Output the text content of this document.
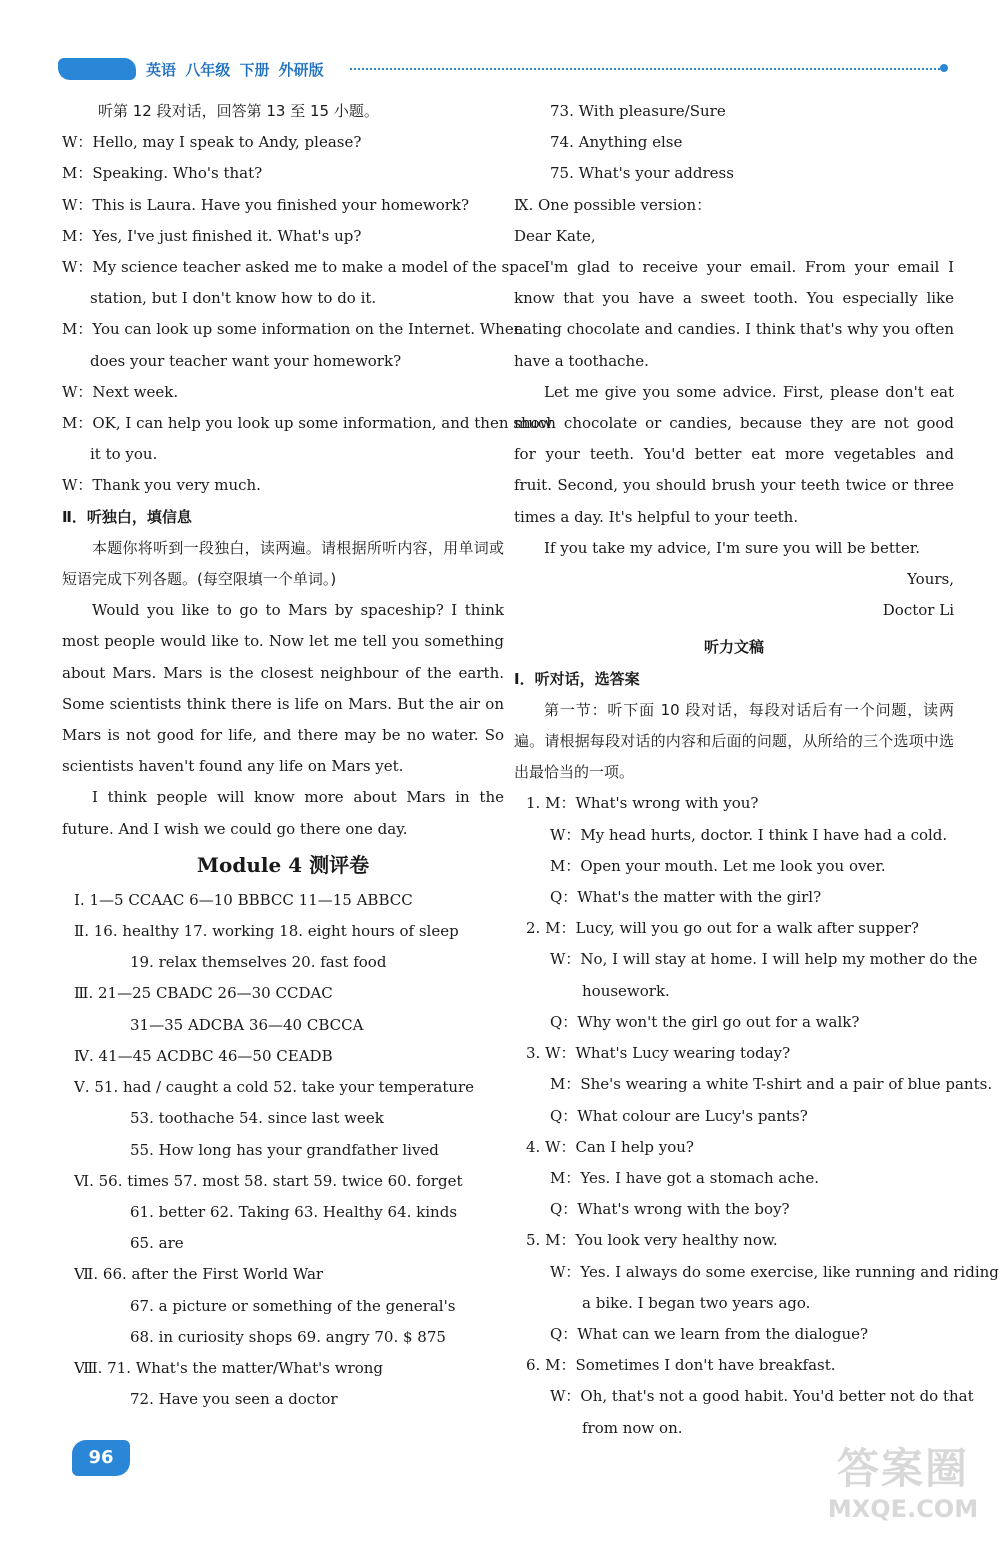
英语 八年级 下册 外研版
听第 12 段对话，回答第 13 至 15 小题。
W：Hello, may I speak to Andy, please?
M：Speaking. Who's that?
W：This is Laura. Have you finished your homework?
M：Yes, I've just finished it. What's up?
W：My science teacher asked me to make a model of the space
station, but I don't know how to do it.
M：You can look up some information on the Internet. When
does your teacher want your homework?
W：Next week.
M：OK, I can help you look up some information, and then show
it to you.
W：Thank you very much.
Ⅱ．听独白，填信息
本题你将听到一段独白，读两遍。请根据所听内容，用单词或短语完成下列各题。(每空限填一个单词。)
Would you like to go to Mars by spaceship? I think most people would like to. Now let me tell you something about Mars. Mars is the closest neighbour of the earth. Some scientists think there is life on Mars. But the air on Mars is not good for life, and there may be no water. So scientists haven't found any life on Mars yet.
I think people will know more about Mars in the future. And I wish we could go there one day.
Module 4 测评卷
Ⅰ. 1—5 CCAAC 6—10 BBBCC 11—15 ABBCC
Ⅱ. 16. healthy 17. working 18. eight hours of sleep
19. relax themselves 20. fast food
Ⅲ. 21—25 CBADC 26—30 CCDAC
31—35 ADCBA 36—40 CBCCA
Ⅳ. 41—45 ACDBC 46—50 CEADB
Ⅴ. 51. had / caught a cold 52. take your temperature
53. toothache 54. since last week
55. How long has your grandfather lived
Ⅵ. 56. times 57. most 58. start 59. twice 60. forget
61. better 62. Taking 63. Healthy 64. kinds
65. are
Ⅶ. 66. after the First World War
67. a picture or something of the general's
68. in curiosity shops 69. angry 70. $ 875
Ⅷ. 71. What's the matter/What's wrong
72. Have you seen a doctor
73. With pleasure/Sure
74. Anything else
75. What's your address
Ⅸ. One possible version：
Dear Kate,
I'm glad to receive your email. From your email I know that you have a sweet tooth. You especially like eating chocolate and candies. I think that's why you often have a toothache.
Let me give you some advice. First, please don't eat much chocolate or candies, because they are not good for your teeth. You'd better eat more vegetables and fruit. Second, you should brush your teeth twice or three times a day. It's helpful to your teeth.
If you take my advice, I'm sure you will be better.
Yours,
Doctor Li
听力文稿
Ⅰ．听对话，选答案
第一节：听下面 10 段对话，每段对话后有一个问题，读两遍。请根据每段对话的内容和后面的问题，从所给的三个选项中选出最恰当的一项。
1. M：What's wrong with you?
W：My head hurts, doctor. I think I have had a cold.
M：Open your mouth. Let me look you over.
Q：What's the matter with the girl?
2. M：Lucy, will you go out for a walk after supper?
W：No, I will stay at home. I will help my mother do the
housework.
Q：Why won't the girl go out for a walk?
3. W：What's Lucy wearing today?
M：She's wearing a white T-shirt and a pair of blue pants.
Q：What colour are Lucy's pants?
4. W：Can I help you?
M：Yes. I have got a stomach ache.
Q：What's wrong with the boy?
5. M：You look very healthy now.
W：Yes. I always do some exercise, like running and riding
a bike. I began two years ago.
Q：What can we learn from the dialogue?
6. M：Sometimes I don't have breakfast.
W：Oh, that's not a good habit. You'd better not do that
from now on.
96	答案圈
MXQE.COM
